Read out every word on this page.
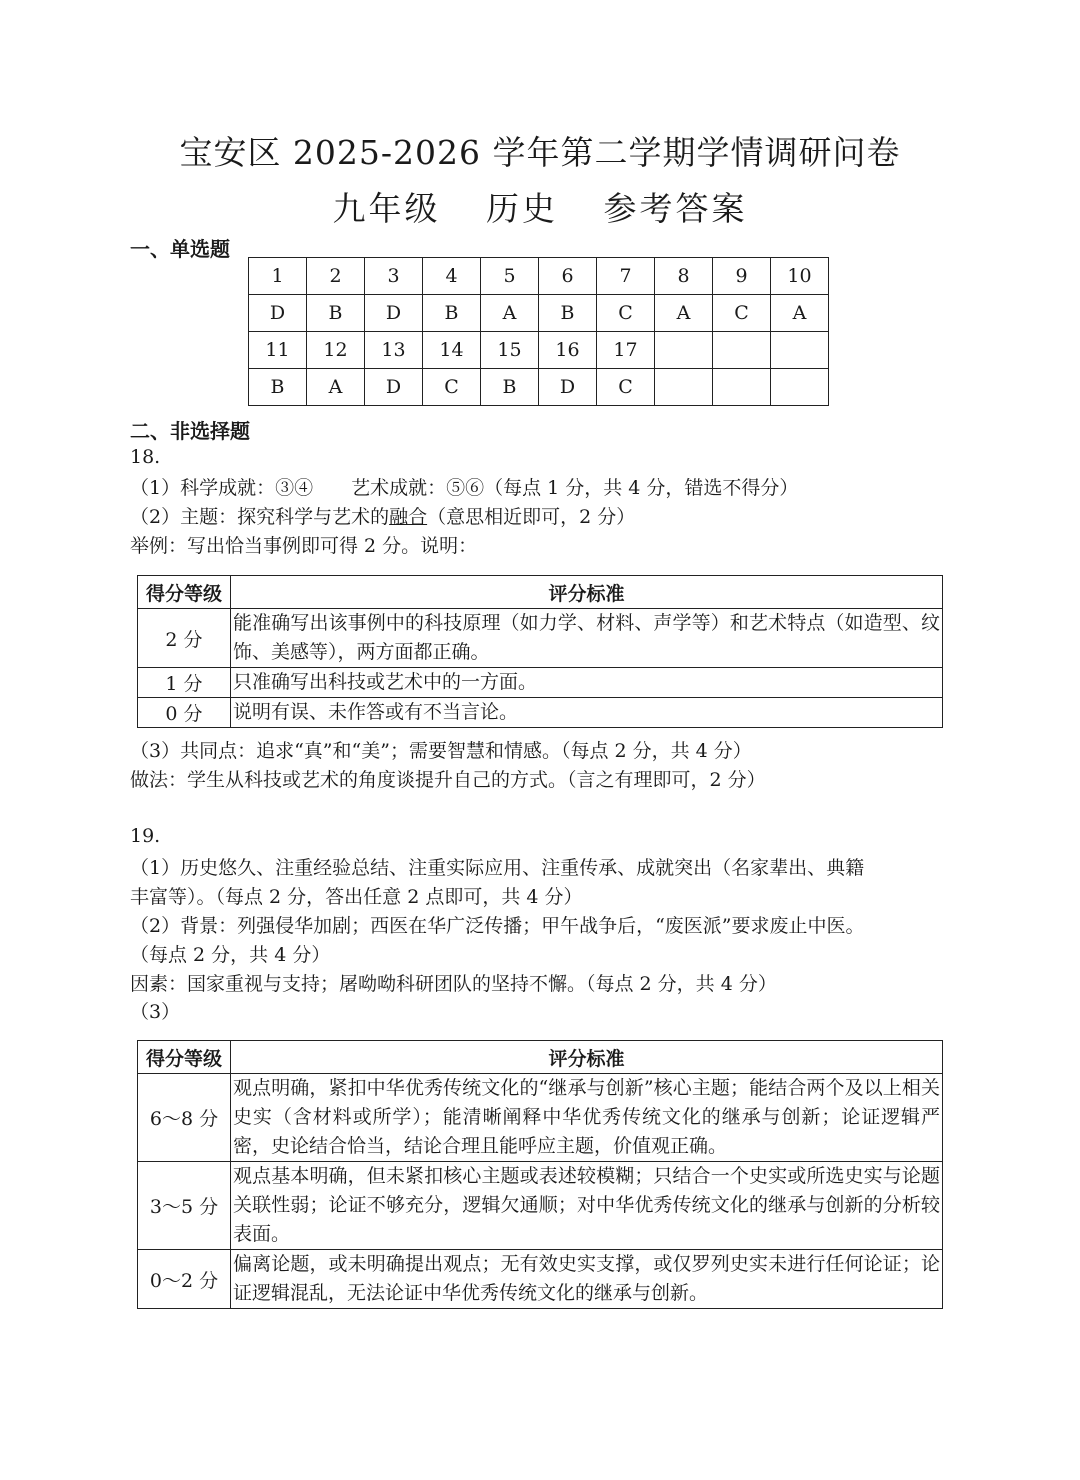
宝安区 2025-2026 学年第二学期学情调研问卷
九年级 历史 参考答案
一、单选题
1	2	3	4	5	6	7	8	9	10
D	B	D	B	A	B	C	A	C	A
11	12	13	14	15	16	17			
B	A	D	C	B	D	C			
二、非选择题
18.
（1）科学成就：③④　　艺术成就：⑤⑥（每点 1 分，共 4 分，错选不得分）
（2）主题：探究科学与艺术的融合（意思相近即可，2 分）
举例：写出恰当事例即可得 2 分。说明：
得分等级	评分标准
2 分	能准确写出该事例中的科技原理（如力学、材料、声学等）和艺术特点（如造型、纹饰、美感等），两方面都正确。
1 分	只准确写出科技或艺术中的一方面。
0 分	说明有误、未作答或有不当言论。
（3）共同点：追求“真”和“美”；需要智慧和情感。（每点 2 分，共 4 分）
做法：学生从科技或艺术的角度谈提升自己的方式。（言之有理即可，2 分）
19.
（1）历史悠久、注重经验总结、注重实际应用、注重传承、成就突出（名家辈出、典籍
丰富等）。（每点 2 分，答出任意 2 点即可，共 4 分）
（2）背景：列强侵华加剧；西医在华广泛传播；甲午战争后，“废医派”要求废止中医。
（每点 2 分，共 4 分）
因素：国家重视与支持；屠呦呦科研团队的坚持不懈。（每点 2 分，共 4 分）
（3）
得分等级	评分标准
6～8 分	观点明确，紧扣中华优秀传统文化的“继承与创新”核心主题；能结合两个及以上相关史实（含材料或所学）；能清晰阐释中华优秀传统文化的继承与创新；论证逻辑严密，史论结合恰当，结论合理且能呼应主题，价值观正确。
3～5 分	观点基本明确，但未紧扣核心主题或表述较模糊；只结合一个史实或所选史实与论题关联性弱；论证不够充分，逻辑欠通顺；对中华优秀传统文化的继承与创新的分析较表面。
0～2 分	偏离论题，或未明确提出观点；无有效史实支撑，或仅罗列史实未进行任何论证；论证逻辑混乱，无法论证中华优秀传统文化的继承与创新。
